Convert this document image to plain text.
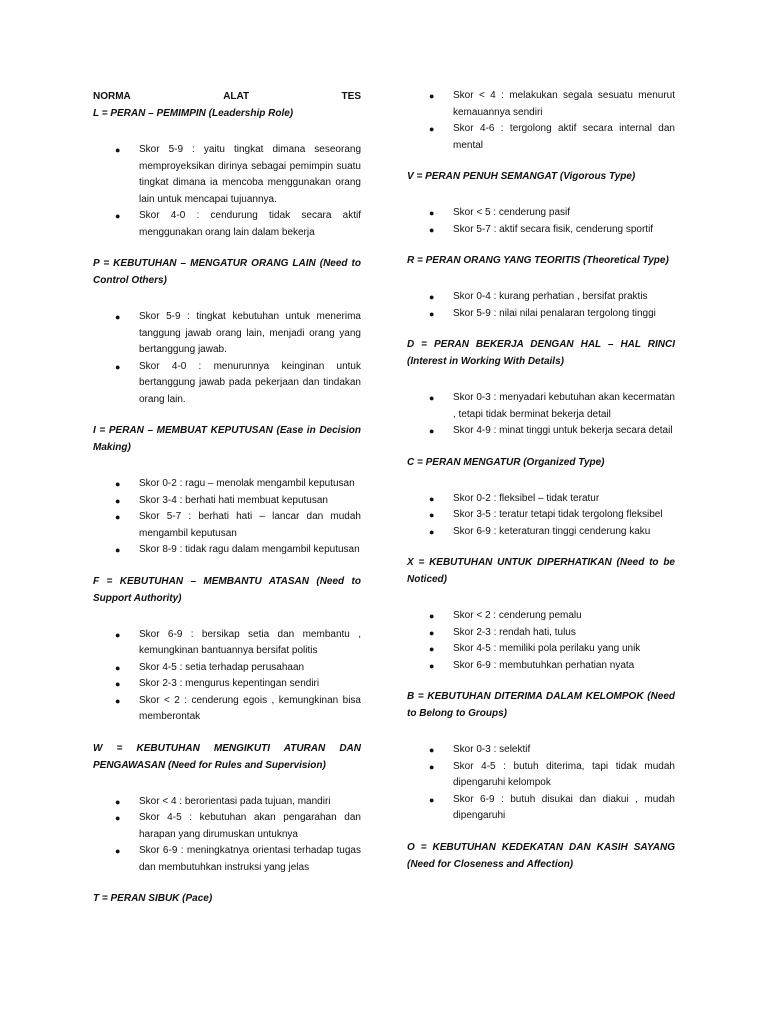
NORMA	ALAT	TES

L = PERAN – PEMIMPIN (Leadership Role)

● Skor 5-9 : yaitu tingkat dimana seseorang memproyeksikan dirinya sebagai pemimpin suatu tingkat dimana ia mencoba menggunakan orang lain untuk mencapai tujuannya.
● Skor 4-0 : cendurung tidak secara aktif menggunakan orang lain dalam bekerja

P = KEBUTUHAN – MENGATUR ORANG LAIN (Need to Control Others)

● Skor 5-9 : tingkat kebutuhan untuk menerima tanggung jawab orang lain, menjadi orang yang bertanggung jawab.
● Skor 4-0 : menurunnya keinginan untuk bertanggung jawab pada pekerjaan dan tindakan orang lain.

I = PERAN – MEMBUAT KEPUTUSAN (Ease in Decision Making)

● Skor 0-2 : ragu – menolak mengambil keputusan
● Skor 3-4 : berhati hati membuat keputusan
● Skor 5-7 : berhati hati – lancar dan mudah mengambil keputusan
● Skor 8-9 : tidak ragu dalam mengambil keputusan

F = KEBUTUHAN – MEMBANTU ATASAN (Need to Support Authority)

● Skor 6-9 : bersikap setia dan membantu , kemungkinan bantuannya bersifat politis
● Skor 4-5 : setia terhadap perusahaan
● Skor 2-3 : mengurus kepentingan sendiri
● Skor < 2 : cenderung egois , kemungkinan bisa memberontak

W = KEBUTUHAN MENGIKUTI ATURAN DAN PENGAWASAN (Need for Rules and Supervision)

● Skor < 4 : berorientasi pada tujuan, mandiri
● Skor 4-5 : kebutuhan akan pengarahan dan harapan yang dirumuskan untuknya
● Skor 6-9 : meningkatnya orientasi terhadap tugas dan membutuhkan instruksi yang jelas

T = PERAN SIBUK (Pace)

● Skor < 4 : melakukan segala sesuatu menurut kemauannya sendiri
● Skor 4-6 : tergolong aktif secara internal dan mental

V = PERAN PENUH SEMANGAT (Vigorous Type)

● Skor < 5 : cenderung pasif
● Skor 5-7 : aktif secara fisik, cenderung sportif

R = PERAN ORANG YANG TEORITIS (Theoretical Type)

● Skor 0-4 : kurang perhatian , bersifat praktis
● Skor 5-9 : nilai nilai penalaran tergolong tinggi

D = PERAN BEKERJA DENGAN HAL – HAL RINCI (Interest in Working With Details)

● Skor 0-3 : menyadari kebutuhan akan kecermatan , tetapi tidak berminat bekerja detail
● Skor 4-9 : minat tinggi untuk bekerja secara detail

C = PERAN MENGATUR (Organized Type)

● Skor 0-2 : fleksibel – tidak teratur
● Skor 3-5 : teratur tetapi tidak tergolong fleksibel
● Skor 6-9 : keteraturan tinggi cenderung kaku

X = KEBUTUHAN UNTUK DIPERHATIKAN (Need to be Noticed)

● Skor < 2 : cenderung pemalu
● Skor 2-3 : rendah hati, tulus
● Skor 4-5 : memiliki pola perilaku yang unik
● Skor 6-9 : membutuhkan perhatian nyata

B = KEBUTUHAN DITERIMA DALAM KELOMPOK (Need to Belong to Groups)

● Skor 0-3 : selektif
● Skor 4-5 : butuh diterima, tapi tidak mudah dipengaruhi kelompok
● Skor 6-9 : butuh disukai dan diakui , mudah dipengaruhi

O = KEBUTUHAN KEDEKATAN DAN KASIH SAYANG (Need for Closeness and Affection)
